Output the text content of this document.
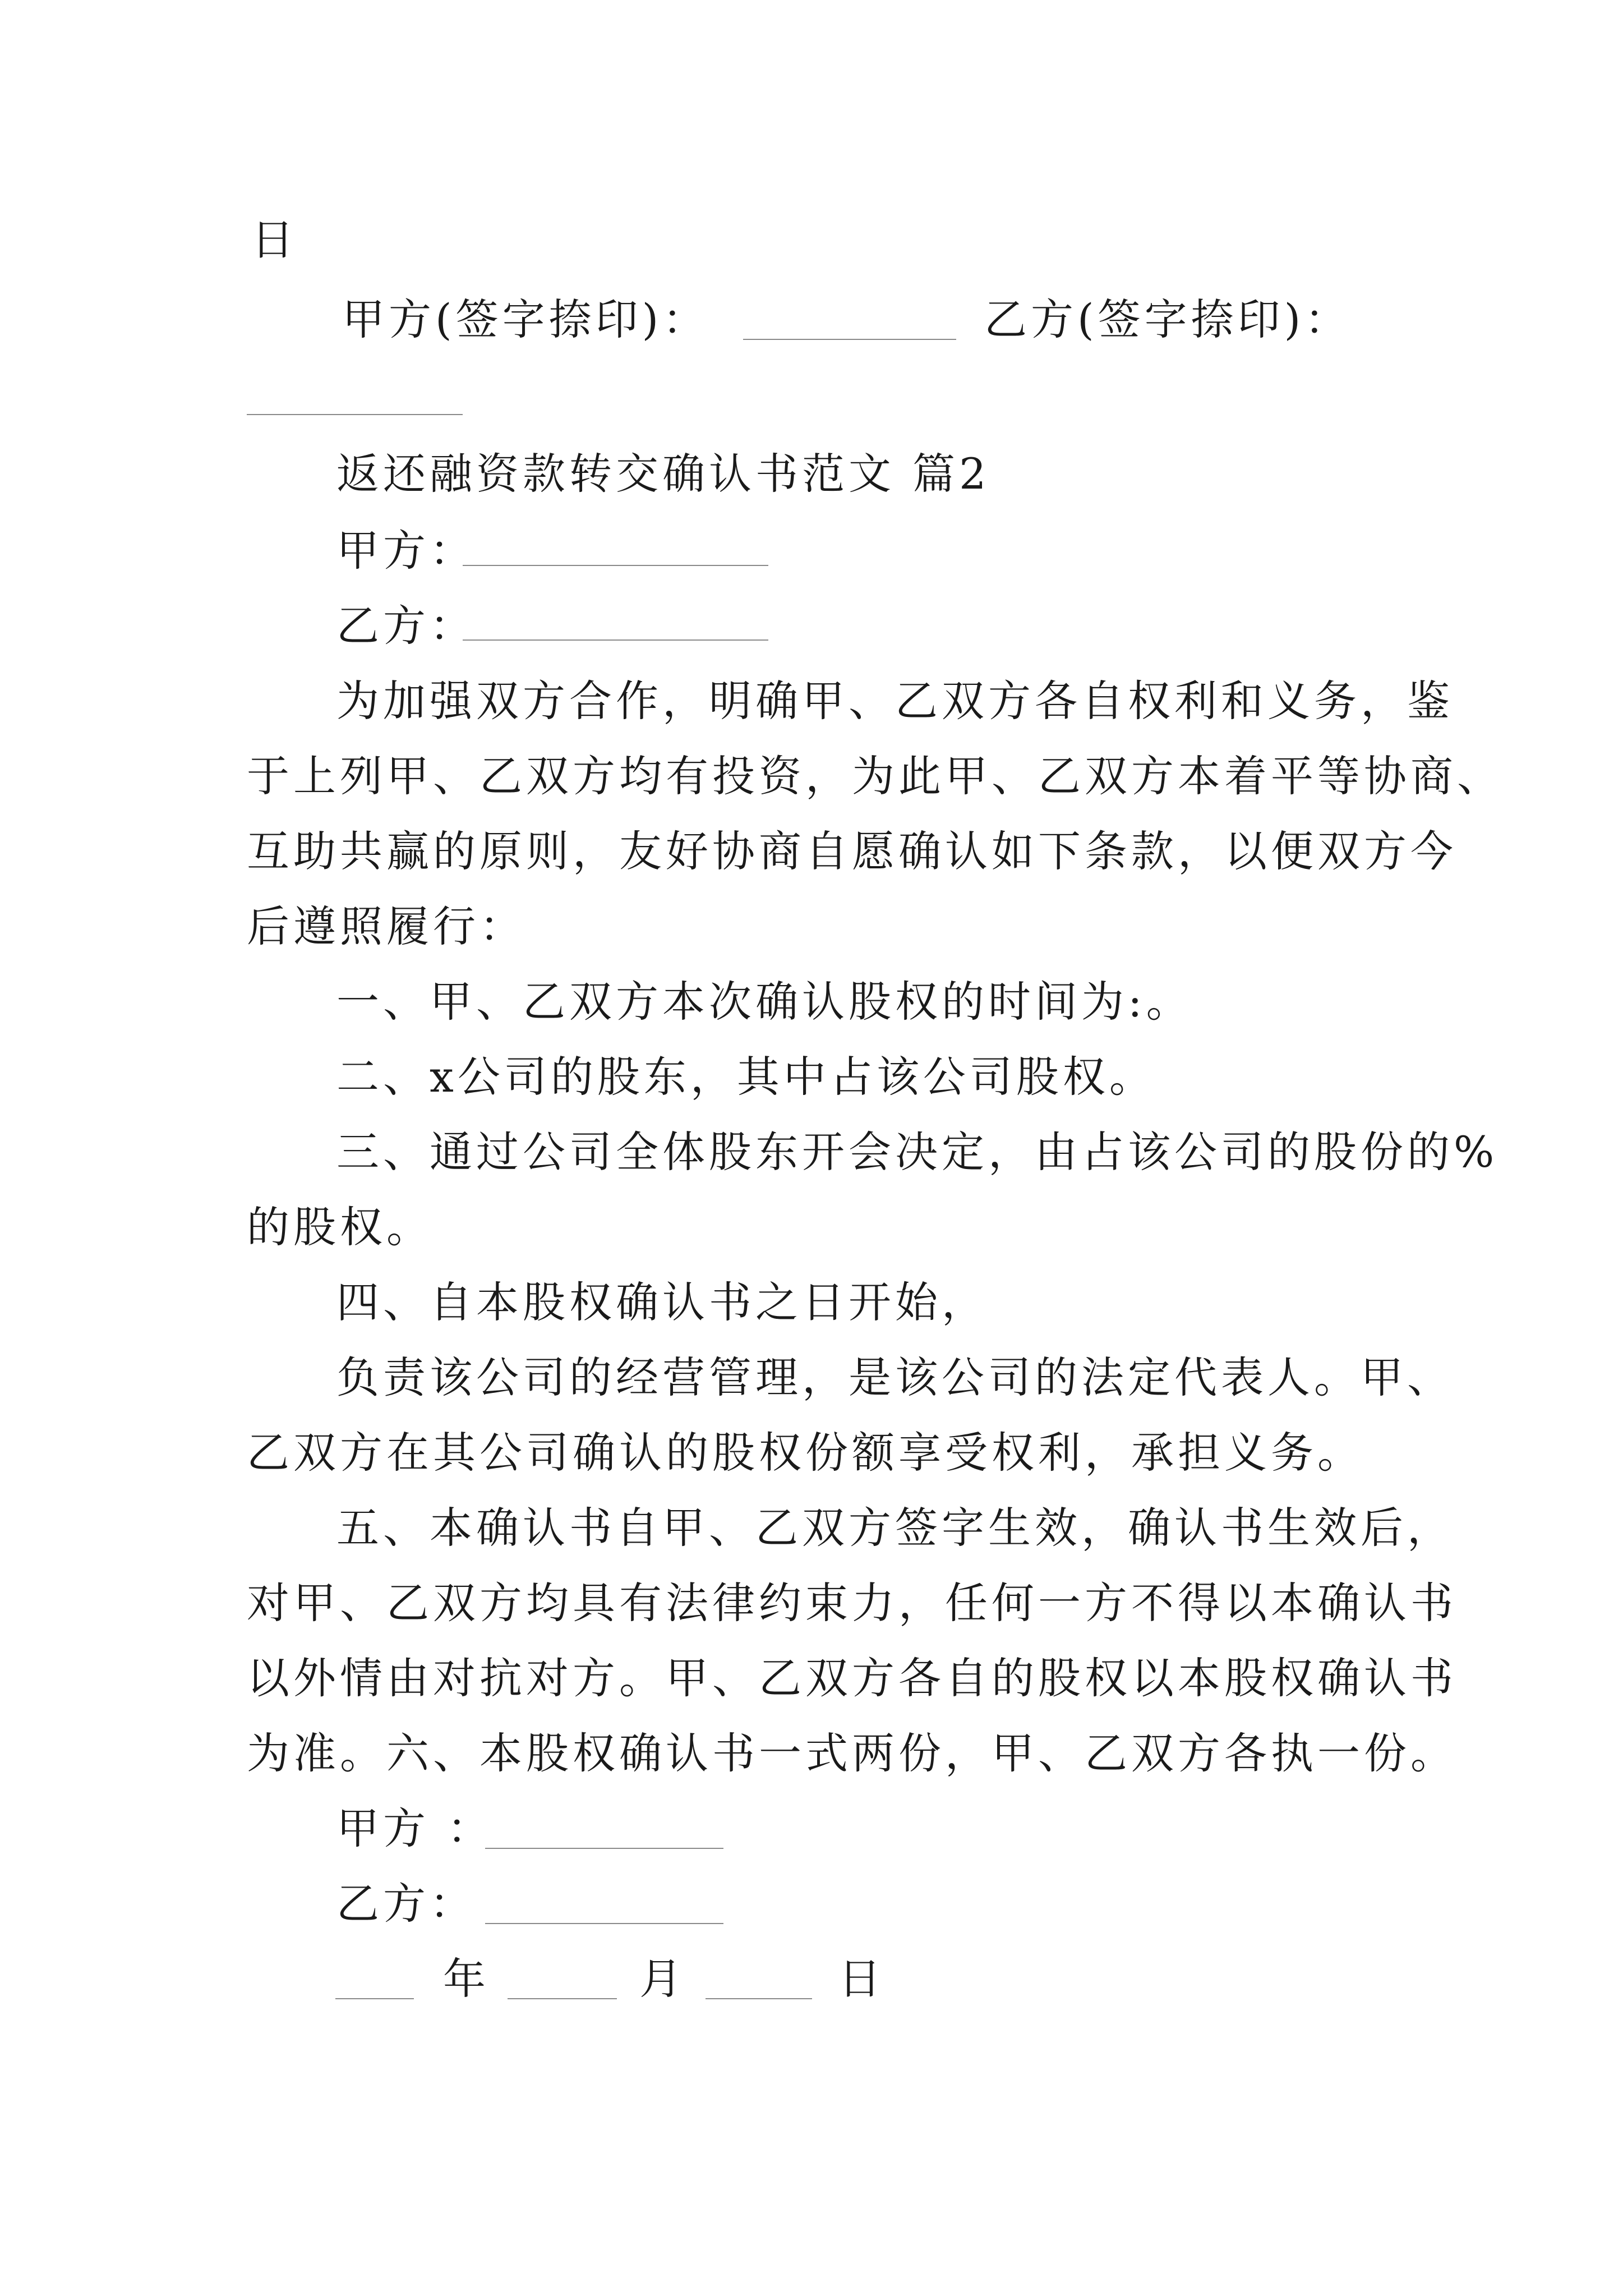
日
甲方(签字捺印)：	乙方(签字捺印)：
返还融资款转交确认书范文 篇2
甲方：
乙方：
为加强双方合作，明确甲、乙双方各自权利和义务，鉴
于上列甲、乙双方均有投资，为此甲、乙双方本着平等协商、
互助共赢的原则，友好协商自愿确认如下条款，以便双方今
后遵照履行：
一、甲、乙双方本次确认股权的时间为:。
二、x公司的股东，其中占该公司股权。
三、通过公司全体股东开会决定，由占该公司的股份的%
的股权。
四、自本股权确认书之日开始，
负责该公司的经营管理，是该公司的法定代表人。甲、
乙双方在其公司确认的股权份额享受权利，承担义务。
五、本确认书自甲、乙双方签字生效，确认书生效后，
对甲、乙双方均具有法律约束力，任何一方不得以本确认书
以外情由对抗对方。甲、乙双方各自的股权以本股权确认书
为准。六、本股权确认书一式两份，甲、乙双方各执一份。
甲方 ：
乙方：
年	月	日
